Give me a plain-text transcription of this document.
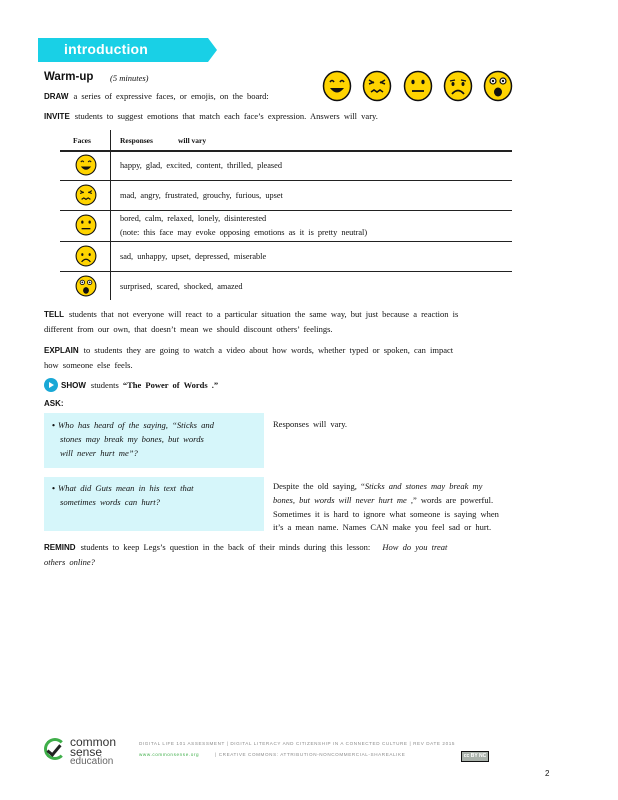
introduction
Warm-up (5 minutes)
DRAW a series of expressive faces, or emojis, on the board:
INVITE students to suggest emotions that match each face’s expression. Answers will vary.
Faces	Responses	will vary
happy, glad, excited, content, thrilled, pleased
mad, angry, frustrated, grouchy, furious, upset
bored, calm, relaxed, lonely, disinterested
(note: this face may evoke opposing emotions as it is pretty neutral)
sad, unhappy, upset, depressed, miserable
surprised, scared, shocked, amazed
TELL students that not everyone will react to a particular situation the same way, but just because a reaction is
different from our own, that doesn’t mean we should discount others’ feelings.
EXPLAIN to students they are going to watch a video about how words, whether typed or spoken, can impact
how someone else feels.
SHOW students “The Power of Words .”
ASK:
• Who has heard of the saying, “Sticks and
stones may break my bones, but words
will never hurt me”?
Responses will vary.
• What did Guts mean in his text that
sometimes words can hurt?
Despite the old saying, “Sticks and stones may break my
bones, but words will never hurt me ,” words are powerful.
Sometimes it is hard to ignore what someone is saying when
it’s a mean name. Names CAN make you feel sad or hurt.
REMIND students to keep Legs’s question in the back of their minds during this lesson: How do you treat
others online?
common
sense
education
DIGITAL LIFE 101 ASSESSMENT | DIGITAL LITERACY AND CITIZENSHIP IN A CONNECTED CULTURE | REV DATE 2015
www.commonsense.org	| CREATIVE COMMONS: ATTRIBUTION-NONCOMMERCIAL-SHAREALIKE	cc BY NC SA
2
